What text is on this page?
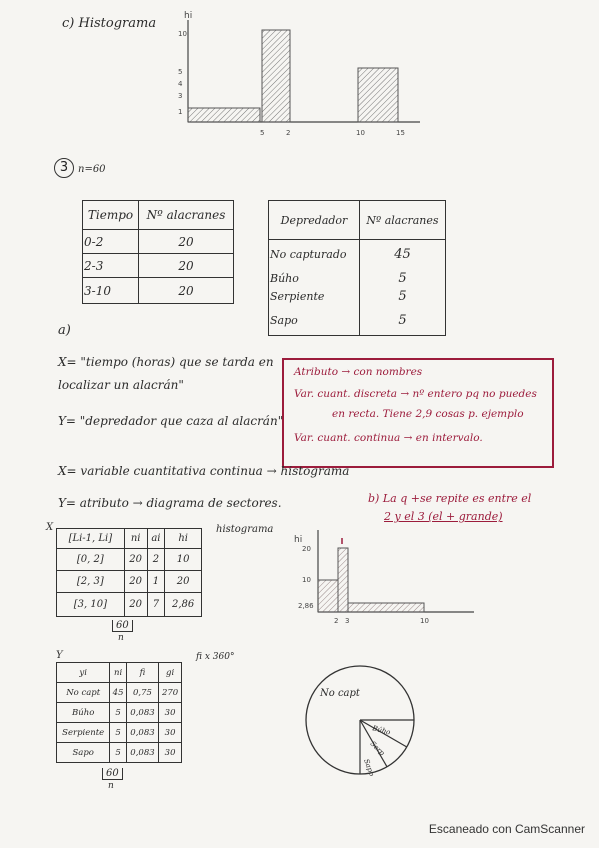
c) Histograma	hi
10
5
4
3
1
5	2	10	15
3 n=60
Tiempo	Nº alacranes
0-2	20
2-3	20
3-10	20
Depredador	Nº alacranes
No capturado	45
Búho	5
Serpiente	5
Sapo	5
a)
X= "tiempo (horas) que se tarda en
localizar un alacrán"
Y= "depredador que caza al alacrán"
Atributo → con nombres
Var. cuant. discreta → nº entero pq no puedes
en recta. Tiene 2,9 cosas p. ejemplo
Var. cuant. continua → en intervalo.
X= variable cuantitativa continua → histograma
Y= atributo → diagrama de sectores.	b) La q +se repite es entre el
2 y el 3 (el + grande)
X
[Li-1, Li]	ni	ai	hi
[0, 2]	20	2	10
[2, 3]	20	1	20
[3, 10]	20	7	2,86
60
n
histograma
hi
20
10
2,86
2 3	10
Y	fi x 360°
yi	ni	fi	gi
No capt	45	0,75	270
Búho	5	0,083	30
Serpiente	5	0,083	30
Sapo	5	0,083	30
60
n
No capt
Búho
Serp
Sapo
Escaneado con CamScanner
